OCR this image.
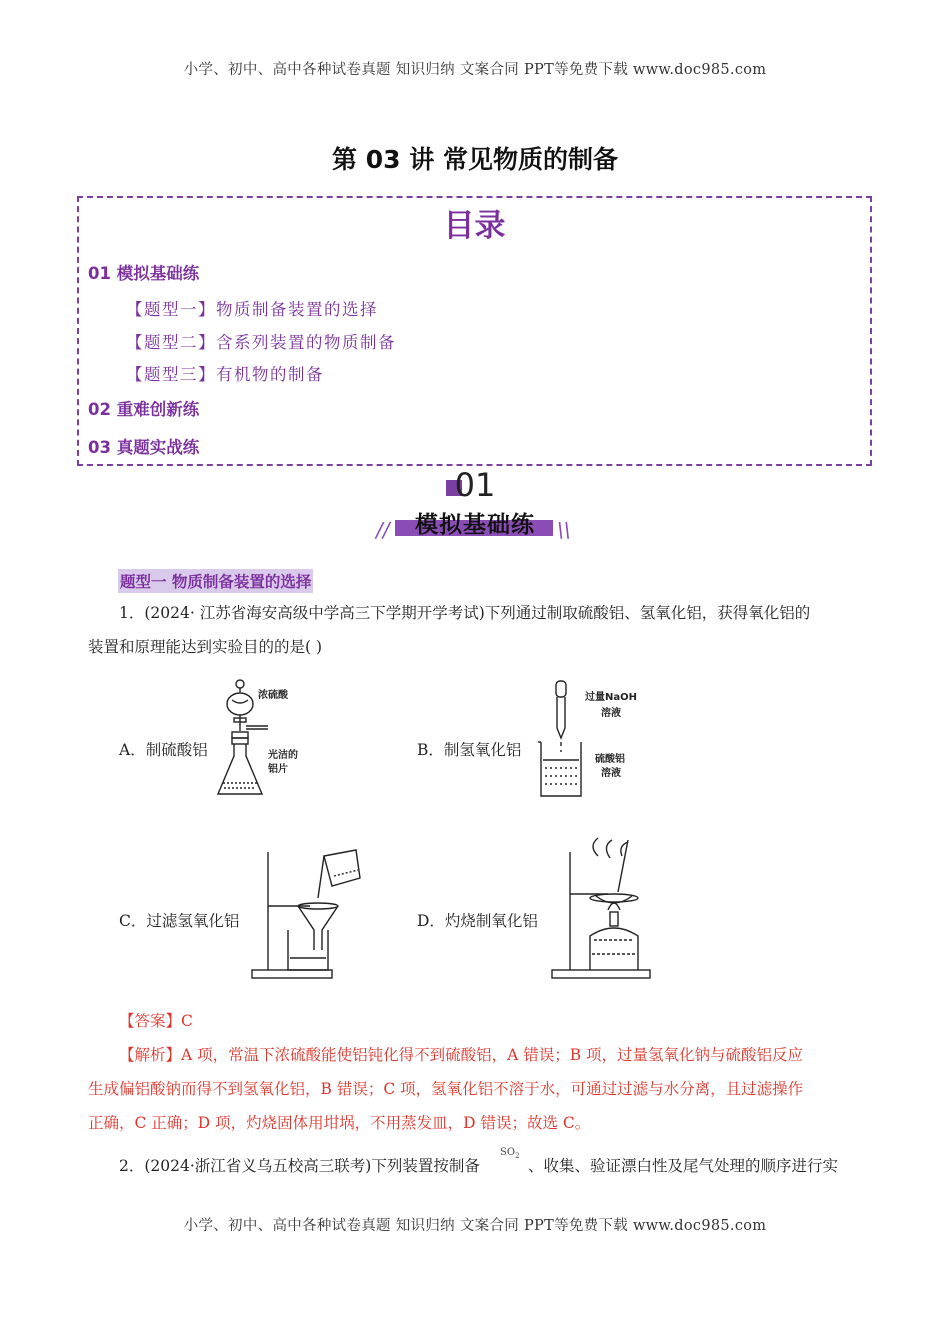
小学、初中、高中各种试卷真题 知识归纳 文案合同 PPT等免费下载 www.doc985.com
小学、初中、高中各种试卷真题 知识归纳 文案合同 PPT等免费下载 www.doc985.com
第 03 讲 常见物质的制备
目录
01 模拟基础练
【题型一】物质制备装置的选择
【题型二】含系列装置的物质制备
【题型三】有机物的制备
02 重难创新练
03 真题实战练
01
模拟基础练
//	\\
题型一 物质制备装置的选择
1．(2024· 江苏省海安高级中学高三下学期开学考试)下列通过制取硫酸铝、氢氧化铝，获得氧化铝的
装置和原理能达到实验目的的是( )
A．制硫酸铝	B．制氢氧化铝
C．过滤氢氧化铝	D．灼烧制氧化铝
浓硫酸
光洁的
铝片
过量NaOH
溶液
硫酸铝
溶液
【答案】C
【解析】A 项，常温下浓硫酸能使铝钝化得不到硫酸铝，A 错误；B 项，过量氢氧化钠与硫酸铝反应
生成偏铝酸钠而得不到氢氧化铝，B 错误；C 项，氢氧化铝不溶于水，可通过过滤与水分离，且过滤操作
正确，C 正确；D 项，灼烧固体用坩埚，不用蒸发皿，D 错误；故选 C。
2．(2024·浙江省义乌五校高三联考)下列装置按制备
$SO_2$
、收集、验证漂白性及尾气处理的顺序进行实
